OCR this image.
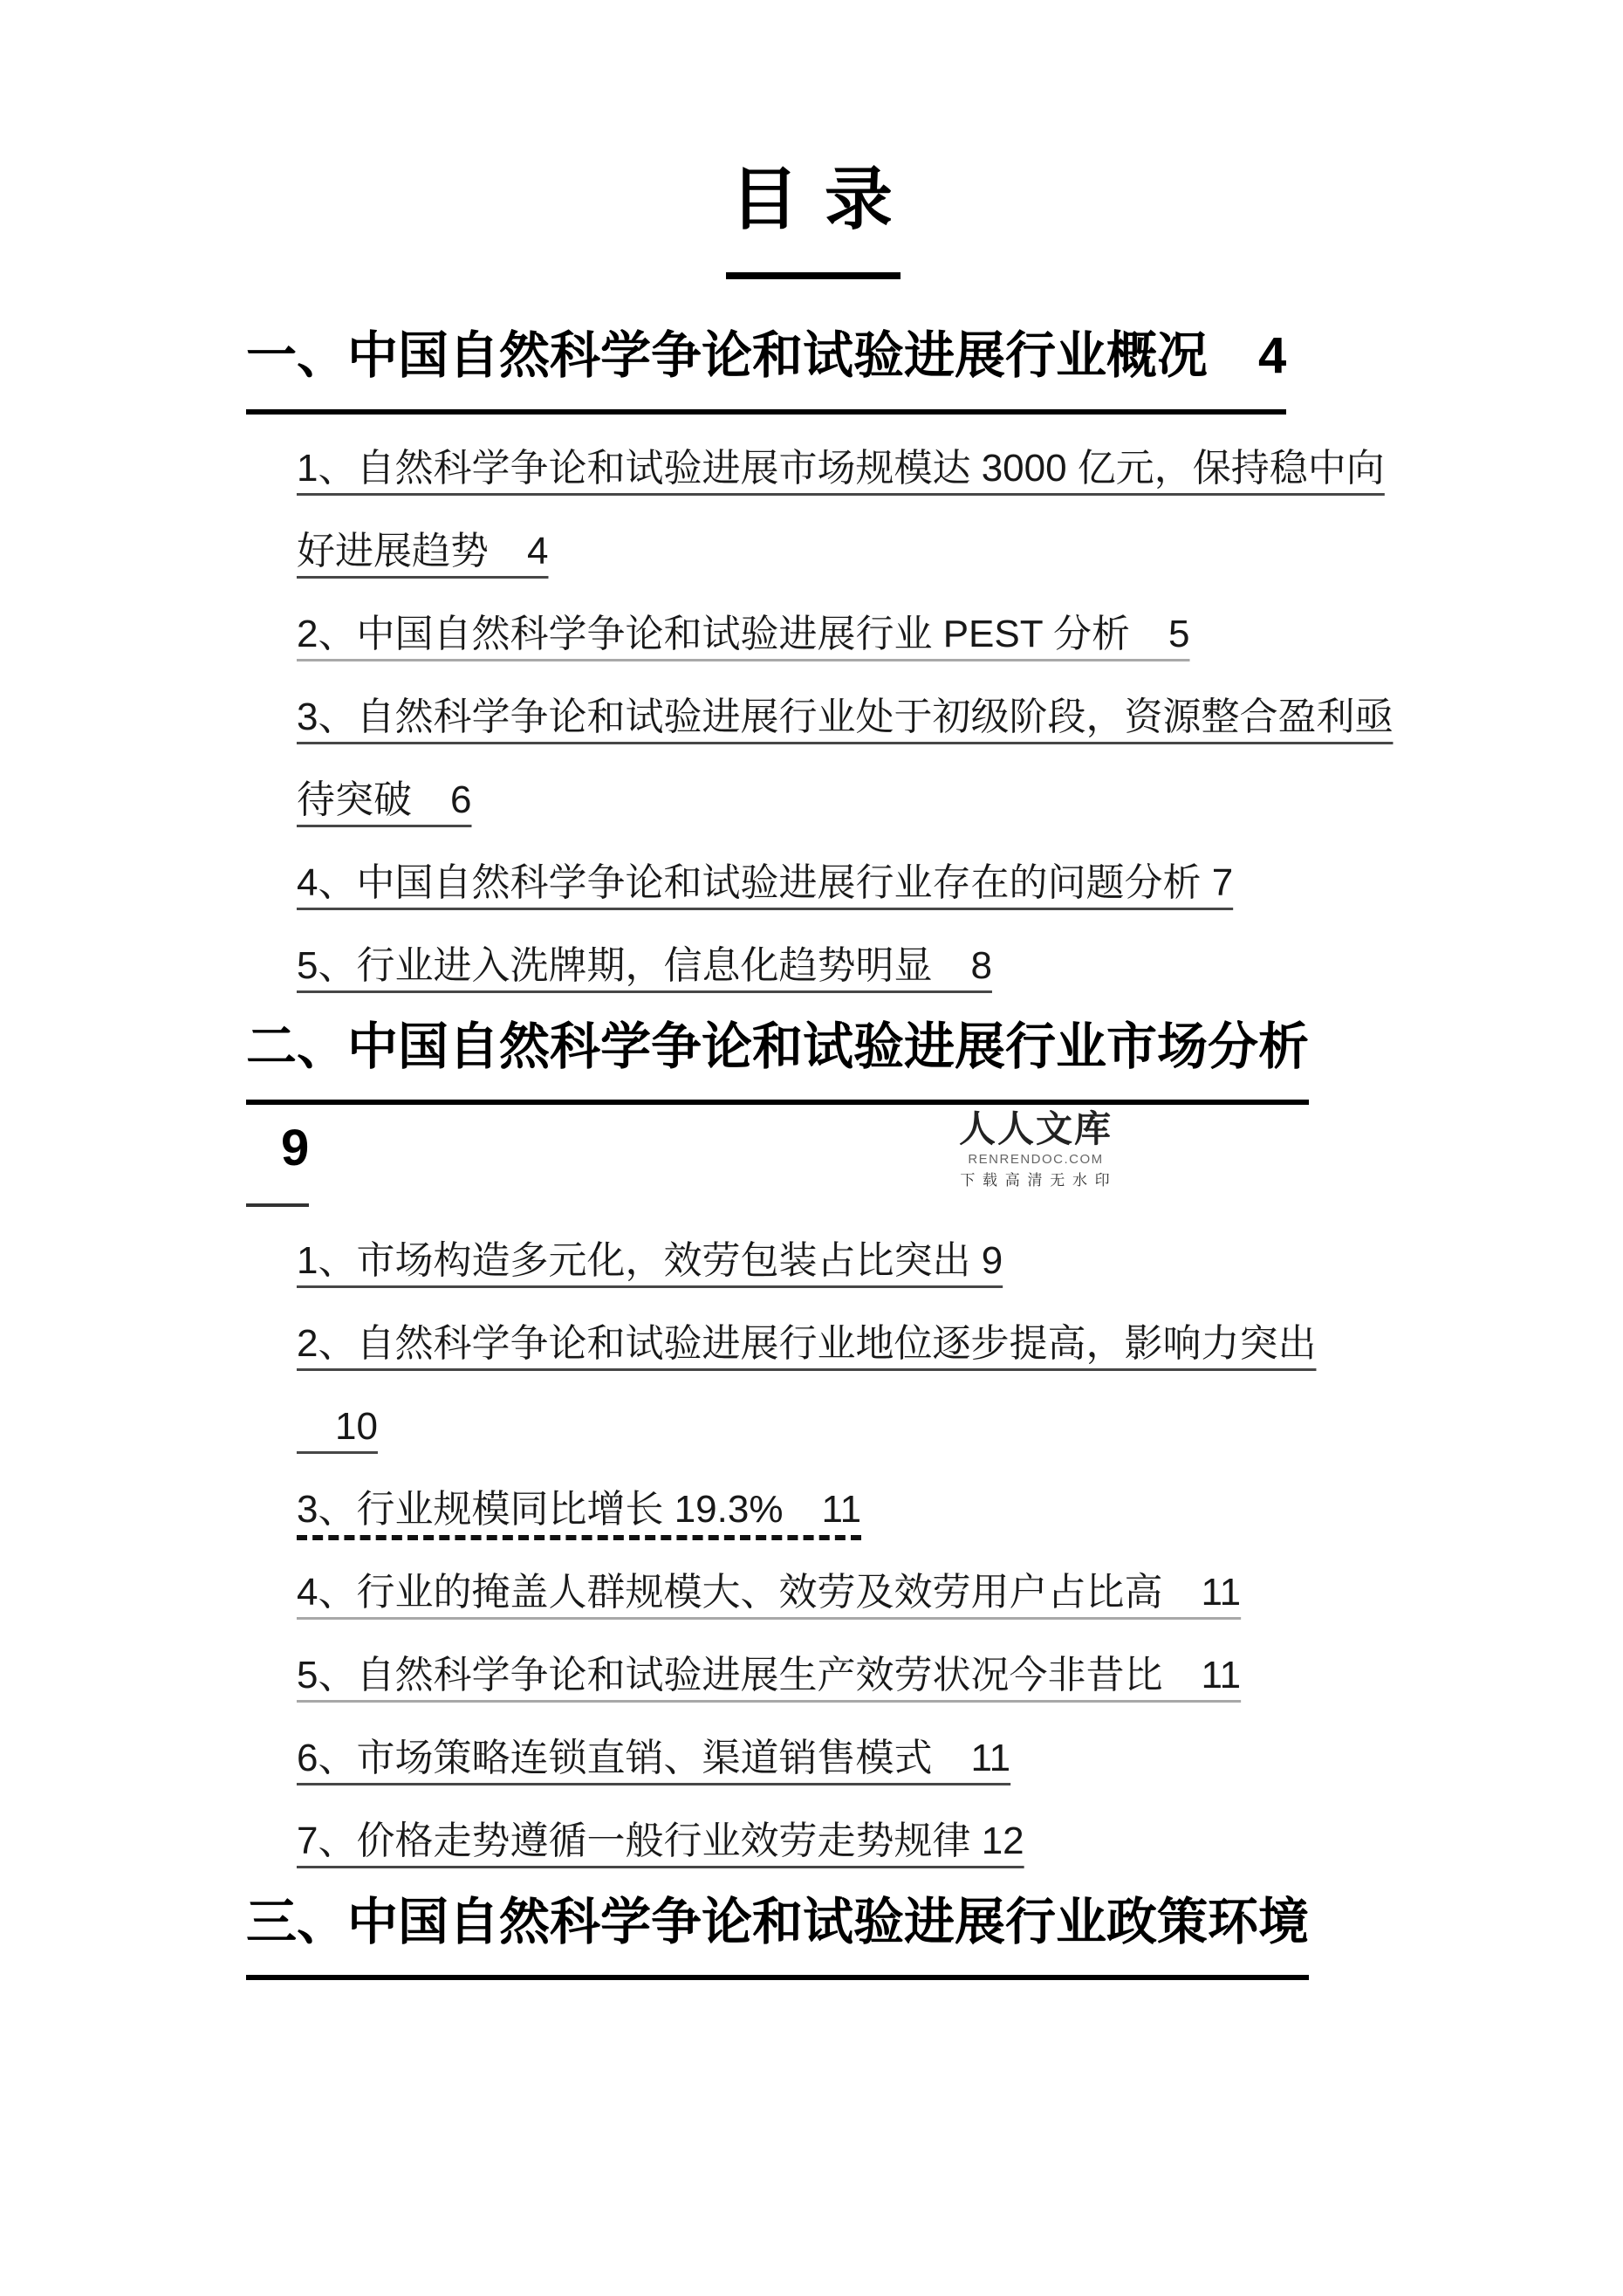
目 录
一、中国自然科学争论和试验进展行业概况　4
1、自然科学争论和试验进展市场规模达 3000 亿元，保持稳中向
好进展趋势　4
2、中国自然科学争论和试验进展行业 PEST 分析　5
3、自然科学争论和试验进展行业处于初级阶段，资源整合盈利亟
待突破　6
4、中国自然科学争论和试验进展行业存在的问题分析 7
5、行业进入洗牌期，信息化趋势明显　8
二、中国自然科学争论和试验进展行业市场分析
9
1、市场构造多元化，效劳包装占比突出 9
2、自然科学争论和试验进展行业地位逐步提高，影响力突出
　10
3、行业规模同比增长 19.3%　11
4、行业的掩盖人群规模大、效劳及效劳用户占比高　11
5、自然科学争论和试验进展生产效劳状况今非昔比　11
6、市场策略连锁直销、渠道销售模式　11
7、价格走势遵循一般行业效劳走势规律 12
三、中国自然科学争论和试验进展行业政策环境
人人文库
RENRENDOC.COM
下 载 高 清 无 水 印
